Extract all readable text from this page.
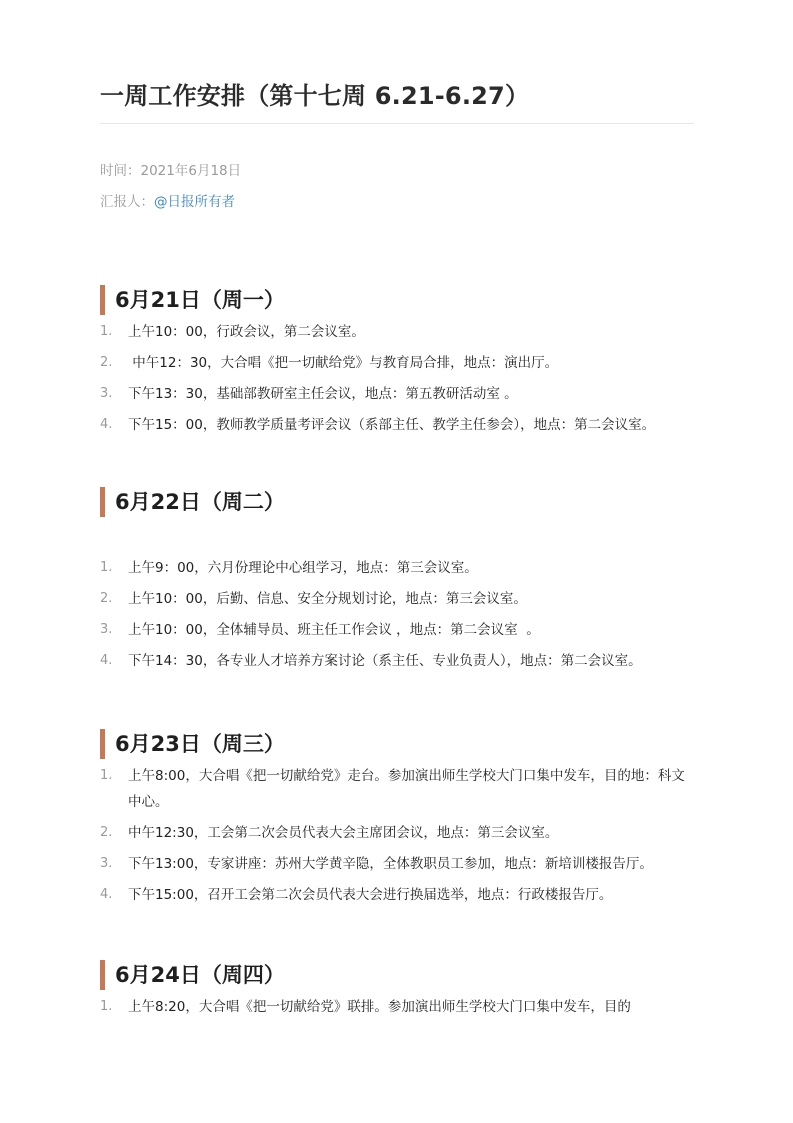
一周工作安排（第十七周 6.21-6.27）
时间：2021年6月18日
汇报人：@日报所有者
6月21日（周一）
1. 上午10：00，行政会议，第二会议室。
2. 中午12：30，大合唱《把一切献给党》与教育局合排，地点：演出厅。
3. 下午13：30，基础部教研室主任会议，地点：第五教研活动室 。
4. 下午15：00，教师教学质量考评会议（系部主任、教学主任参会），地点：第二会议室。
6月22日（周二）
1. 上午9：00，六月份理论中心组学习，地点：第三会议室。
2. 上午10：00，后勤、信息、安全分规划讨论，地点：第三会议室。
3. 上午10：00，全体辅导员、班主任工作会议 ，地点：第二会议室  。
4. 下午14：30，各专业人才培养方案讨论（系主任、专业负责人），地点：第二会议室。
6月23日（周三）
1. 上午8:00，大合唱《把一切献给党》走台。参加演出师生学校大门口集中发车，目的地：科文中心。
2. 中午12:30，工会第二次会员代表大会主席团会议，地点：第三会议室。
3. 下午13:00，专家讲座：苏州大学黄辛隐，全体教职员工参加，地点：新培训楼报告厅。
4. 下午15:00，召开工会第二次会员代表大会进行换届选举，地点：行政楼报告厅。
6月24日（周四）
1. 上午8:20，大合唱《把一切献给党》联排。参加演出师生学校大门口集中发车，目的
